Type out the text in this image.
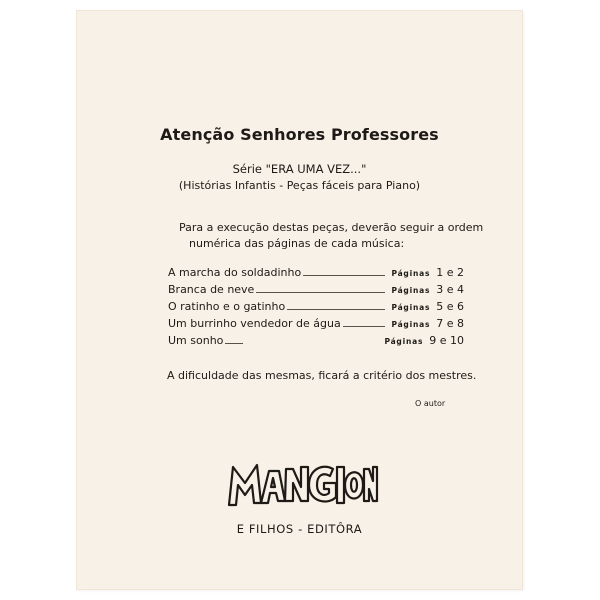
Atenção Senhores Professores
Série "ERA UMA VEZ..."
(Histórias Infantis - Peças fáceis para Piano)
Para a execução destas peças, deverão seguir a ordem
numérica das páginas de cada música:
A marcha do soldadinho	Páginas 1 e 2
Branca de neve	Páginas 3 e 4
O ratinho e o gatinho	Páginas 5 e 6
Um burrinho vendedor de água	Páginas 7 e 8
Um sonho	Páginas 9 e 10
A dificuldade das mesmas, ficará a critério dos mestres.
O autor
MANGIONE
E FILHOS - EDITÔRA
